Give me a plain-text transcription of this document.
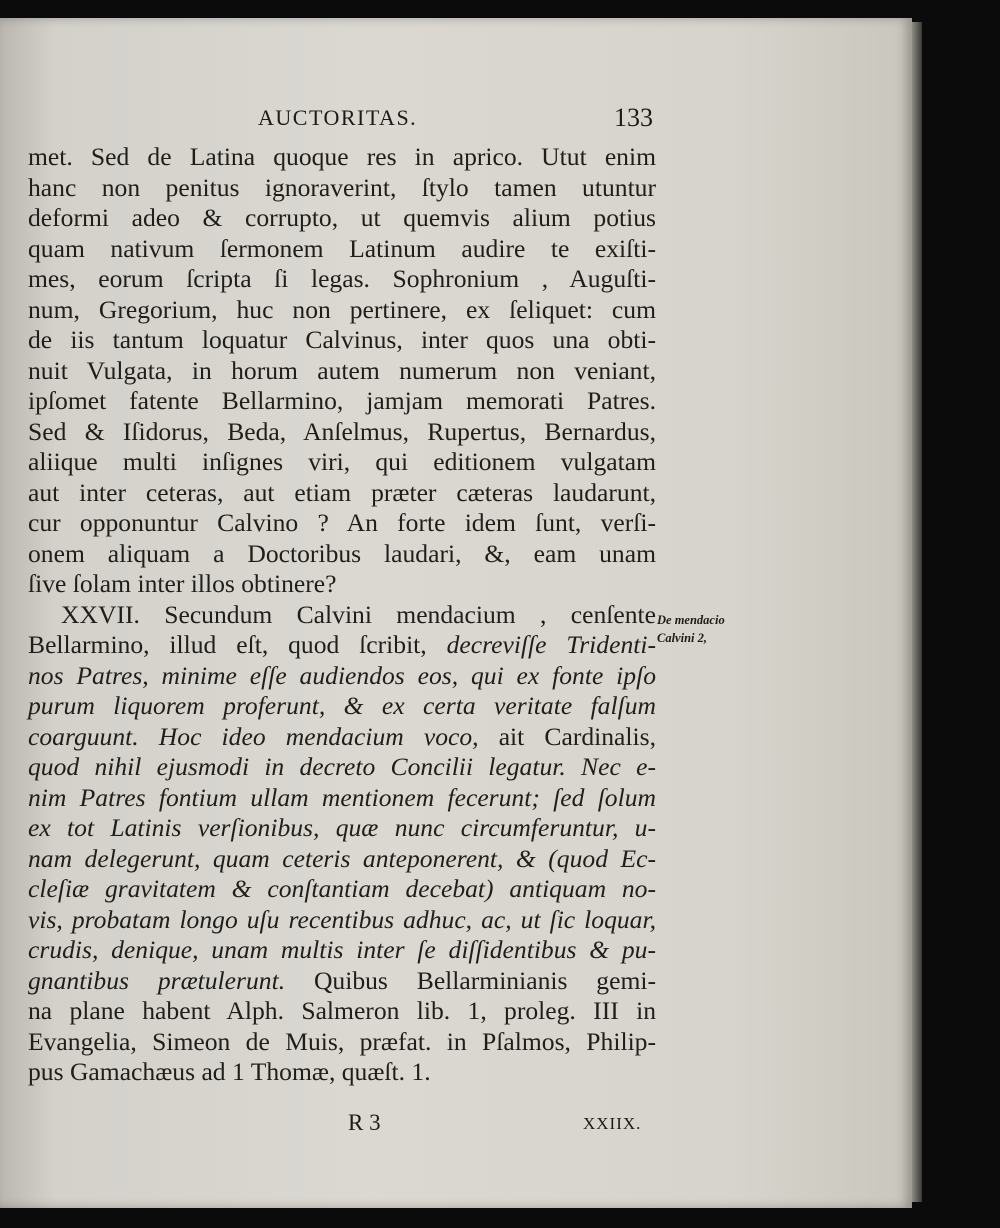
AUCTORITAS.	133
met. Sed de Latina quoque res in aprico. Utut enim
hanc non penitus ignoraverint, ſtylo tamen utuntur
deformi adeo & corrupto, ut quemvis alium potius
quam nativum ſermonem Latinum audire te exiſti-
mes, eorum ſcripta ſi legas. Sophronium , Auguſti-
num, Gregorium, huc non pertinere, ex ſeliquet: cum
de iis tantum loquatur Calvinus, inter quos una obti-
nuit Vulgata, in horum autem numerum non veniant,
ipſomet fatente Bellarmino, jamjam memorati Patres.
Sed & Iſidorus, Beda, Anſelmus, Rupertus, Bernardus,
aliique multi inſignes viri, qui editionem vulgatam
aut inter ceteras, aut etiam præter cæteras laudarunt,
cur opponuntur Calvino ? An forte idem ſunt, verſi-
onem aliquam a Doctoribus laudari, &, eam unam
ſive ſolam inter illos obtinere?
XXVII. Secundum Calvini mendacium , cenſente
Bellarmino, illud eſt, quod ſcribit, decreviſſe Tridenti-
nos Patres, minime eſſe audiendos eos, qui ex fonte ipſo
purum liquorem proferunt, & ex certa veritate falſum
coarguunt. Hoc ideo mendacium voco, ait Cardinalis,
quod nihil ejusmodi in decreto Concilii legatur. Nec e-
nim Patres fontium ullam mentionem fecerunt; ſed ſolum
ex tot Latinis verſionibus, quæ nunc circumferuntur, u-
nam delegerunt, quam ceteris anteponerent, & (quod Ec-
cleſiæ gravitatem & conſtantiam decebat) antiquam no-
vis, probatam longo uſu recentibus adhuc, ac, ut ſic loquar,
crudis, denique, unam multis inter ſe diſſidentibus & pu-
gnantibus prætulerunt. Quibus Bellarminianis gemi-
na plane habent Alph. Salmeron lib. 1, proleg. III in
Evangelia, Simeon de Muis, præfat. in Pſalmos, Philip-
pus Gamachæus ad 1 Thomæ, quæſt. 1.
De mendacio
Calvini 2,
R 3	XXIIX.
